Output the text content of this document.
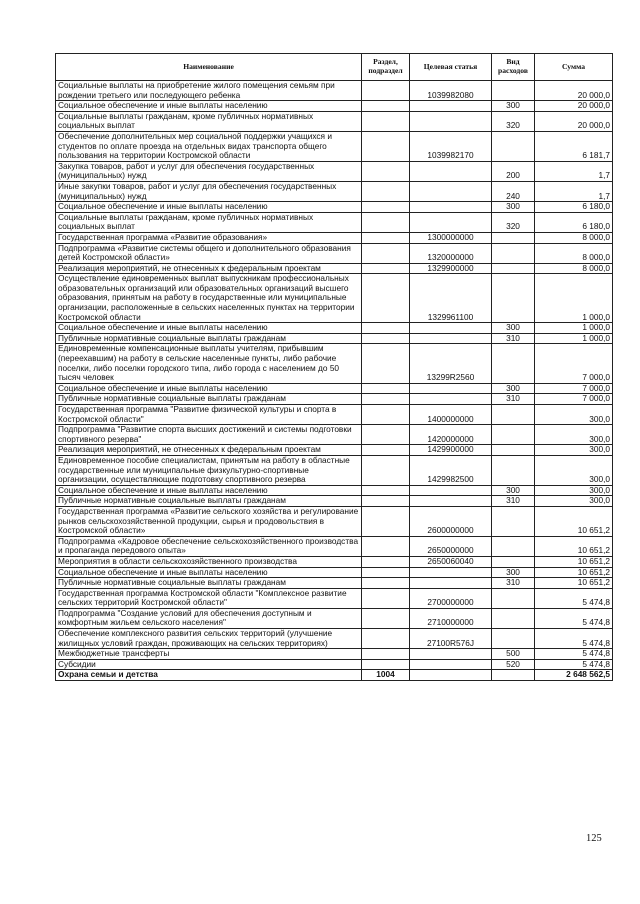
Наименование	Раздел, подраздел	Целевая статья	Вид расходов	Сумма
Социальные выплаты на приобретение жилого помещения семьям при рождении третьего или последующего ребенка		1039982080		20 000,0
Социальное обеспечение и иные выплаты населению			300	20 000,0
Социальные выплаты гражданам, кроме публичных нормативных социальных выплат			320	20 000,0
Обеспечение дополнительных мер социальной поддержки учащихся и студентов по оплате проезда на отдельных видах транспорта общего пользования на территории Костромской области		1039982170		6 181,7
Закупка товаров, работ и услуг для обеспечения государственных (муниципальных) нужд			200	1,7
Иные закупки товаров, работ и услуг для обеспечения государственных (муниципальных) нужд			240	1,7
Социальное обеспечение и иные выплаты населению			300	6 180,0
Социальные выплаты гражданам, кроме публичных нормативных социальных выплат			320	6 180,0
Государственная программа «Развитие образования»		1300000000		8 000,0
Подпрограмма «Развитие системы общего и дополнительного образования детей Костромской области»		1320000000		8 000,0
Реализация мероприятий, не отнесенных к федеральным проектам		1329900000		8 000,0
Осуществление единовременных выплат выпускникам профессиональных образовательных организаций или образовательных организаций высшего образования, принятым на работу в государственные или муниципальные организации, расположенные в сельских населенных пунктах на территории Костромской области		1329961100		1 000,0
Социальное обеспечение и иные выплаты населению			300	1 000,0
Публичные нормативные социальные выплаты гражданам			310	1 000,0
Единовременные компенсационные выплаты учителям, прибывшим (переехавшим) на работу в сельские населенные пункты, либо рабочие поселки, либо поселки городского типа, либо города с населением до 50 тысяч человек		13299R2560		7 000,0
Социальное обеспечение и иные выплаты населению			300	7 000,0
Публичные нормативные социальные выплаты гражданам			310	7 000,0
Государственная программа "Развитие физической культуры и спорта в Костромской области"		1400000000		300,0
Подпрограмма "Развитие спорта высших достижений и системы подготовки спортивного резерва"		1420000000		300,0
Реализация мероприятий, не отнесенных к федеральным проектам		1429900000		300,0
Единовременное пособие специалистам, принятым на работу в областные государственные или муниципальные физкультурно-спортивные организации, осуществляющие подготовку спортивного резерва		1429982500		300,0
Социальное обеспечение и иные выплаты населению			300	300,0
Публичные нормативные социальные выплаты гражданам			310	300,0
Государственная программа «Развитие сельского хозяйства и регулирование рынков сельскохозяйственной продукции, сырья и продовольствия в Костромской области»		2600000000		10 651,2
Подпрограмма «Кадровое обеспечение сельскохозяйственного производства и пропаганда передового опыта»		2650000000		10 651,2
Мероприятия в области сельскохозяйственного производства		2650060040		10 651,2
Социальное обеспечение и иные выплаты населению			300	10 651,2
Публичные нормативные социальные выплаты гражданам			310	10 651,2
Государственная программа Костромской области "Комплексное развитие сельских территорий Костромской области"		2700000000		5 474,8
Подпрограмма "Создание условий для обеспечения доступным и комфортным жильем сельского населения"		2710000000		5 474,8
Обеспечение комплексного развития сельских территорий (улучшение жилищных условий граждан, проживающих на сельских территориях)		27100R576J		5 474,8
Межбюджетные трансферты			500	5 474,8
Субсидии			520	5 474,8
Охрана семьи и детства	1004			2 648 562,5
125
